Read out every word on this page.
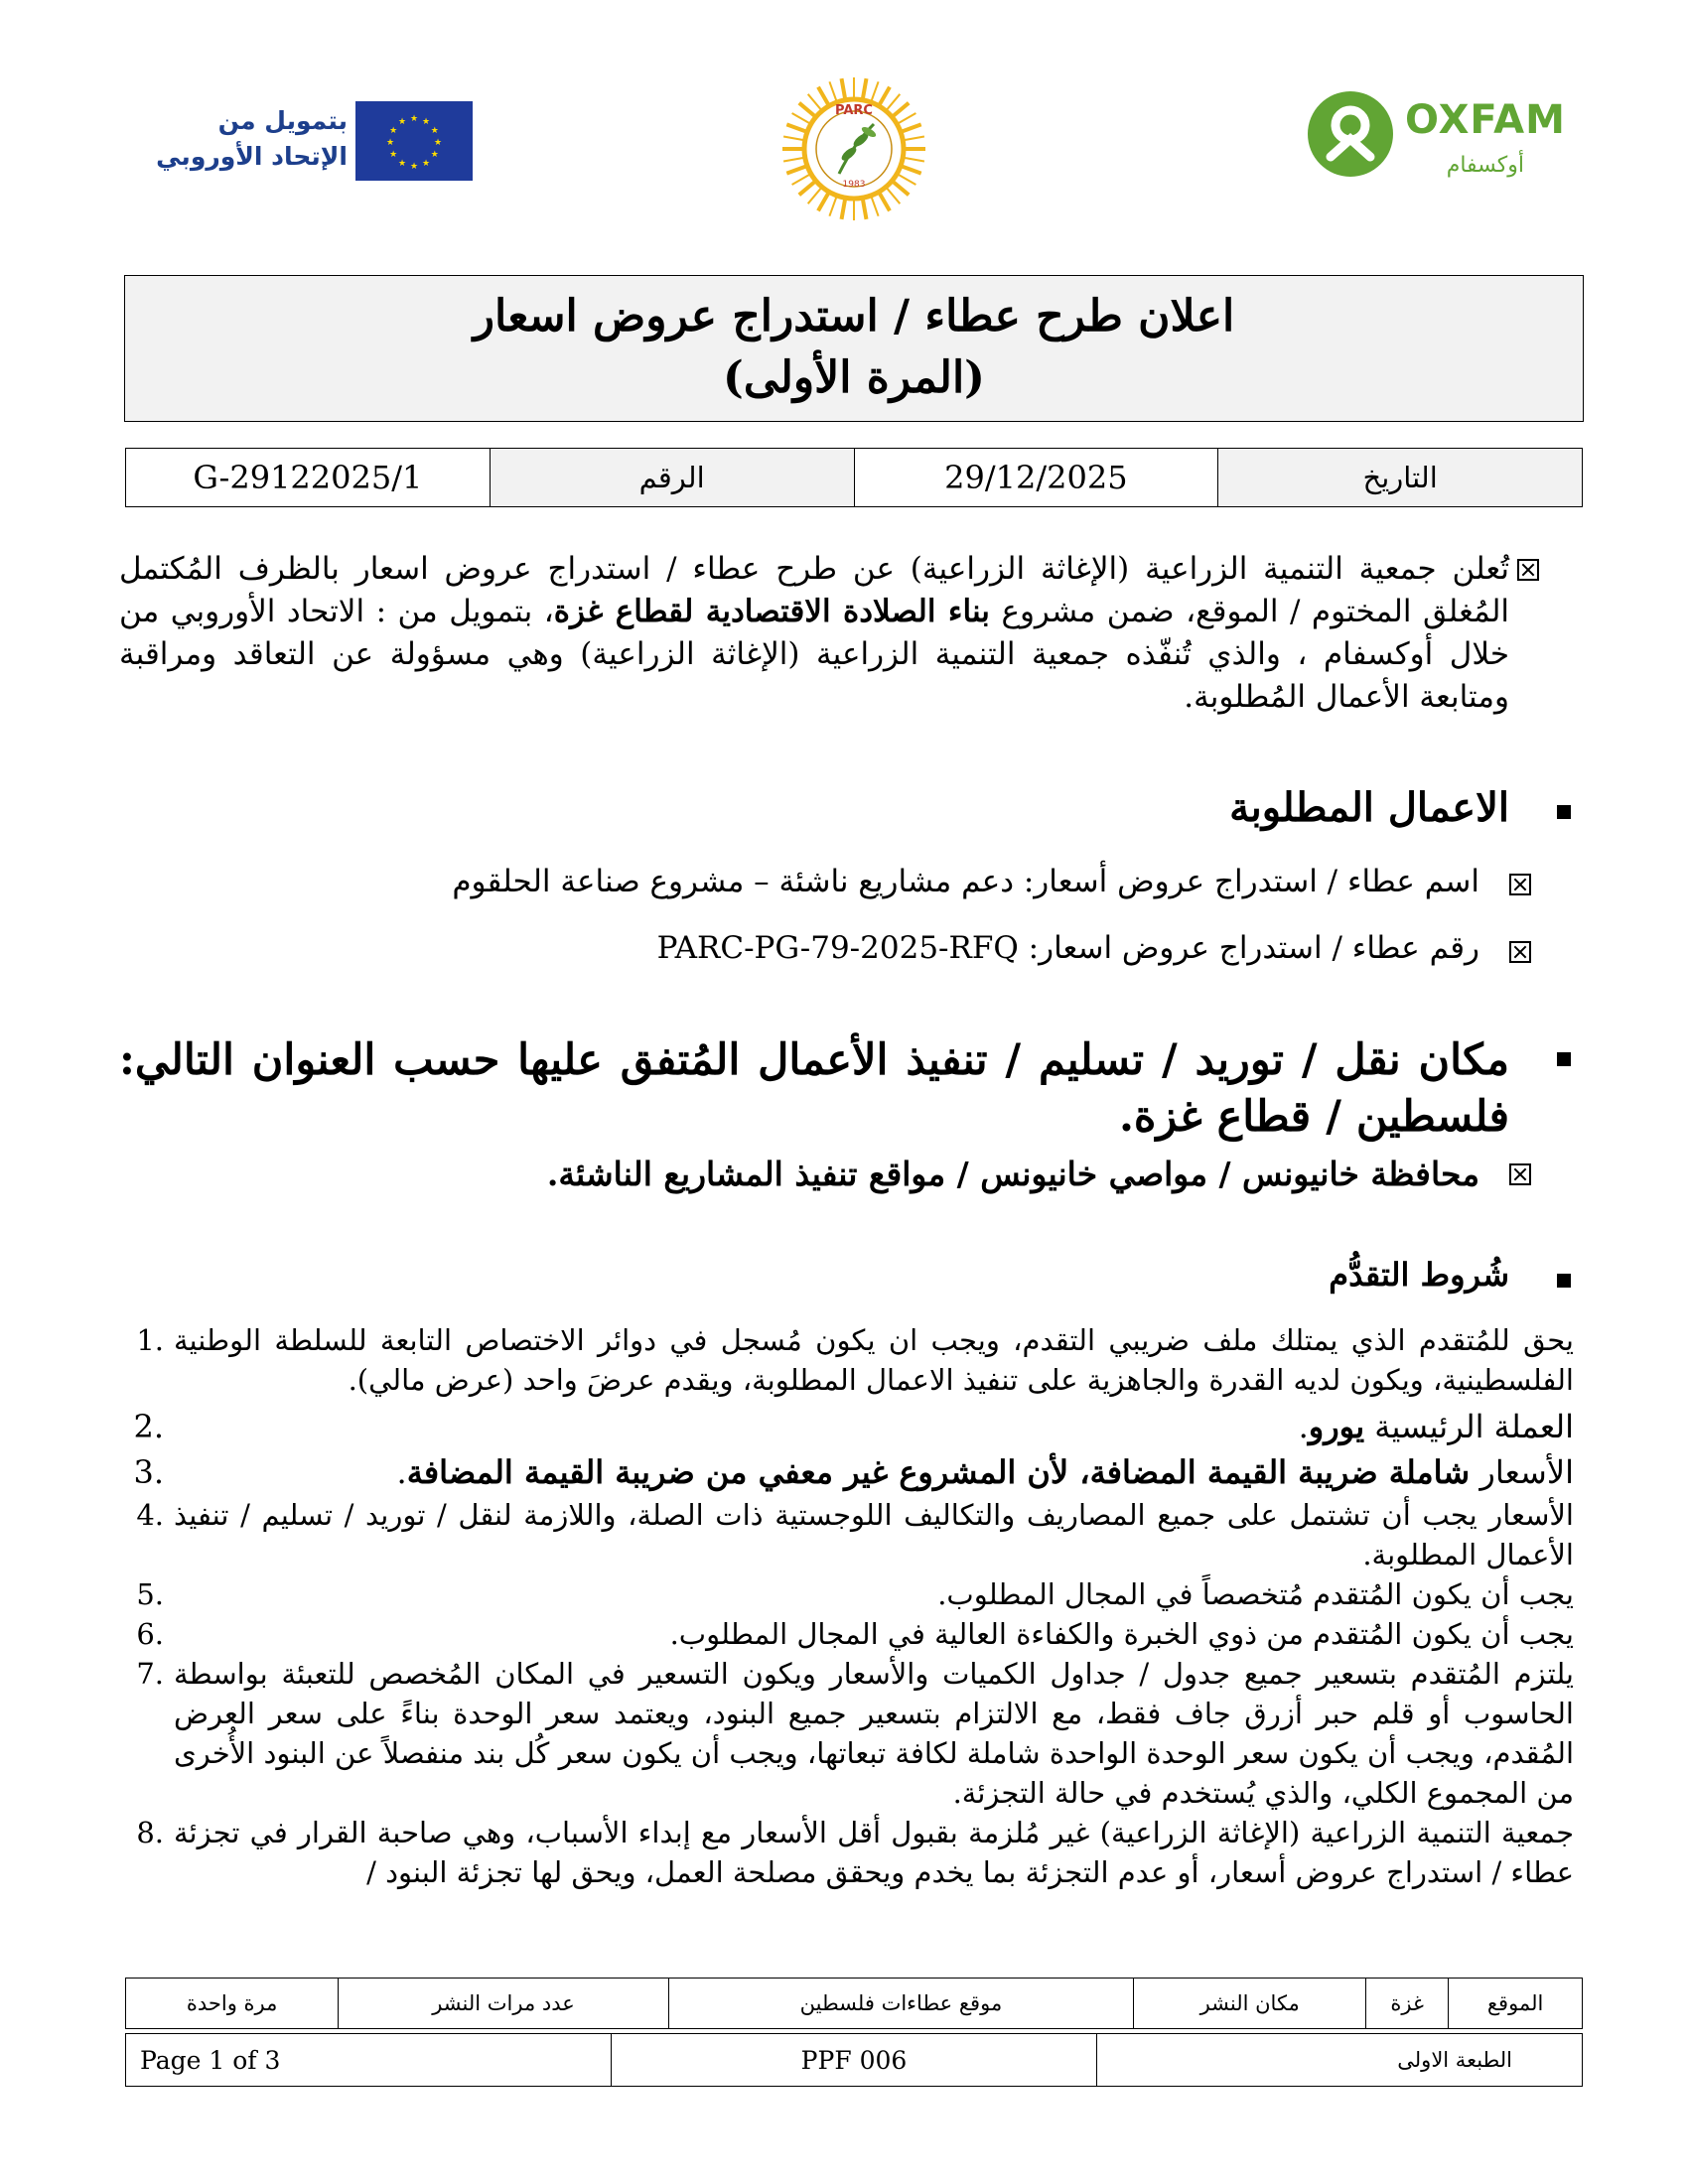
بتمويل من
الإتحاد الأوروبي
★ ★
★
★
★
★
★
★
★
★
★
★
PARC
1983
OXFAM
أوكسفام
اعلان طرح عطاء / استدراج عروض اسعار
(المرة الأولى)
G-29122025/1	الرقم	29/12/2025	التاريخ
تُعلن جمعية التنمية الزراعية (الإغاثة الزراعية) عن طرح عطاء / استدراج عروض اسعار بالظرف المُكتمل المُغلق المختوم / الموقع، ضمن مشروع بناء الصلادة الاقتصادية لقطاع غزة، بتمويل من : الاتحاد الأوروبي من خلال أوكسفام ، والذي تُنفّذه جمعية التنمية الزراعية (الإغاثة الزراعية) وهي مسؤولة عن التعاقد ومراقبة ومتابعة الأعمال المُطلوبة.
الاعمال المطلوبة
اسم عطاء / استدراج عروض أسعار: دعم مشاريع ناشئة – مشروع صناعة الحلقوم
رقم عطاء / استدراج عروض اسعار: PARC-PG-79-2025-RFQ
مكان نقل / توريد / تسليم / تنفيذ الأعمال المُتفق عليها حسب العنوان التالي:
فلسطين / قطاع غزة.
محافظة خانيونس / مواصي خانيونس / مواقع تنفيذ المشاريع الناشئة.
شُروط التقدُّم
1. يحق للمُتقدم الذي يمتلك ملف ضريبي التقدم، ويجب ان يكون مُسجل في دوائر الاختصاص التابعة للسلطة الوطنية الفلسطينية، ويكون لديه القدرة والجاهزية على تنفيذ الاعمال المطلوبة، ويقدم عرضَ واحد (عرض مالي).
2.	العملة الرئيسية يورو.
3.	الأسعار شاملة ضريبة القيمة المضافة، لأن المشروع غير معفي من ضريبة القيمة المضافة.
4. الأسعار يجب أن تشتمل على جميع المصاريف والتكاليف اللوجستية ذات الصلة، واللازمة لنقل / توريد / تسليم / تنفيذ الأعمال المطلوبة.
5.	يجب أن يكون المُتقدم مُتخصصاً في المجال المطلوب.
6.	يجب أن يكون المُتقدم من ذوي الخبرة والكفاءة العالية في المجال المطلوب.
7. يلتزم المُتقدم بتسعير جميع جدول / جداول الكميات والأسعار ويكون التسعير في المكان المُخصص للتعبئة بواسطة الحاسوب أو قلم حبر أزرق جاف فقط، مع الالتزام بتسعير جميع البنود، ويعتمد سعر الوحدة بناءً على سعر العرض المُقدم، ويجب أن يكون سعر الوحدة الواحدة شاملة لكافة تبعاتها، ويجب أن يكون سعر كُل بند منفصلاً عن البنود الأُخرى من المجموع الكلي، والذي يُستخدم في حالة التجزئة.
8. جمعية التنمية الزراعية (الإغاثة الزراعية) غير مُلزمة بقبول أقل الأسعار مع إبداء الأسباب، وهي صاحبة القرار في تجزئة عطاء / استدراج عروض أسعار، أو عدم التجزئة بما يخدم ويحقق مصلحة العمل، ويحق لها تجزئة البنود /
مرة واحدة	عدد مرات النشر	موقع عطاءات فلسطين	مكان النشر	غزة	الموقع
Page 1 of 3	PPF 006	الطبعة الاولى
